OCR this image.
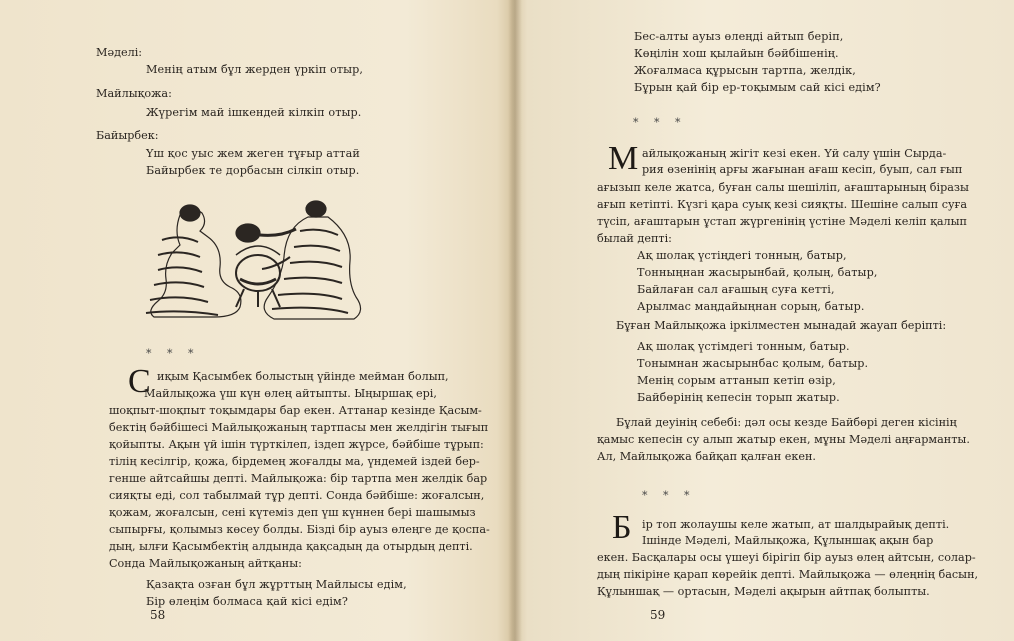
Мəделі:
Менің атым бұл жерден үркіп отыр,
Майлықожа:
Жүрегім май ішкендей кілкіп отыр.
Байырбек:
Үш қос уыс жем жеген тұғыр аттай
Байырбек те дорбасын сілкіп отыр.
* * *
С иқым Қасымбек болыстың үйінде мейман болып,
Майлықожа үш күн өлең айтыпты. Ыңыршақ ері,
шоқпыт-шоқпыт тоқымдары бар екен. Аттанар кезінде Қасым-
бектің бəйбішесі Майлықожаның тартпасы мен желдігін тығып
қойыпты. Ақын үй ішін түрткілеп, іздеп жүрсе, бəйбіше тұрып:
тілің кесілгір, қожа, бірдемең жоғалды ма, үндемей іздей бер-
генше айтсайшы депті. Майлықожа: бір тартпа мен желдік бар
сияқты еді, сол табылмай тұр депті. Сонда бəйбіше: жоғалсын,
қожам, жоғалсын, сені күтеміз деп үш күннен бері шашымыз
сыпырғы, қолымыз көсеу болды. Бізді бір ауыз өлеңге де қоспа-
дың, ылғи Қасымбектің алдында қақсадың да отырдың депті.
Сонда Майлықожаның айтқаны:
Қазақта озған бұл жұрттың Майлысы едім,
Бір өлеңім болмаса қай кісі едім?
58
Бес-алты ауыз өлеңді айтып беріп,
Көңілін хош қылайын бəйбішенің.
Жоғалмаса құрысын тартпа, желдік,
Бұрын қай бір ер-тоқымым сай кісі едім?
* * *
М айлықожаның жігіт кезі екен. Үй салу үшін Сырда-
рия өзенінің арғы жағынан ағаш кесіп, буып, сал ғып
ағызып келе жатса, буған салы шешіліп, ағаштарының біразы
ағып кетіпті. Күзгі қара суық кезі сияқты. Шешіне салып суға
түсіп, ағаштарын ұстап жүргенінің үстіне Мəделі келіп қалып
былай депті:
Ақ шолақ үстіңдегі тонның, батыр,
Тонныңнан жасырынбай, қолың, батыр,
Байлаған сал ағашың суға кетті,
Арылмас маңдайыңнан сорың, батыр.
Бұған Майлықожа іркілместен мынадай жауап беріпті:
Ақ шолақ үстімдегі тонным, батыр.
Тонымнан жасырынбас қолым, батыр.
Менің сорым аттанып кетіп өзір,
Байбөрінің кепесін торып жатыр.
Бұлай деуінің себебі: дəл осы кезде Байбөрі деген кісінің
қамыс кепесін су алып жатыр екен, мұны Мəделі аңғарманты.
Ал, Майлықожа байқап қалған екен.
* * *
Б ір топ жолаушы келе жатып, ат шалдырайық депті.
Ішінде Мəделі, Майлықожа, Құлыншақ ақын бар
екен. Басқалары осы үшеуі бірігіп бір ауыз өлең айтсын, солар-
дың пікіріне қарап көрейік депті. Майлықожа — өлеңнің басын,
Құлыншақ — ортасын, Мəделі ақырын айтпақ болыпты.
59
